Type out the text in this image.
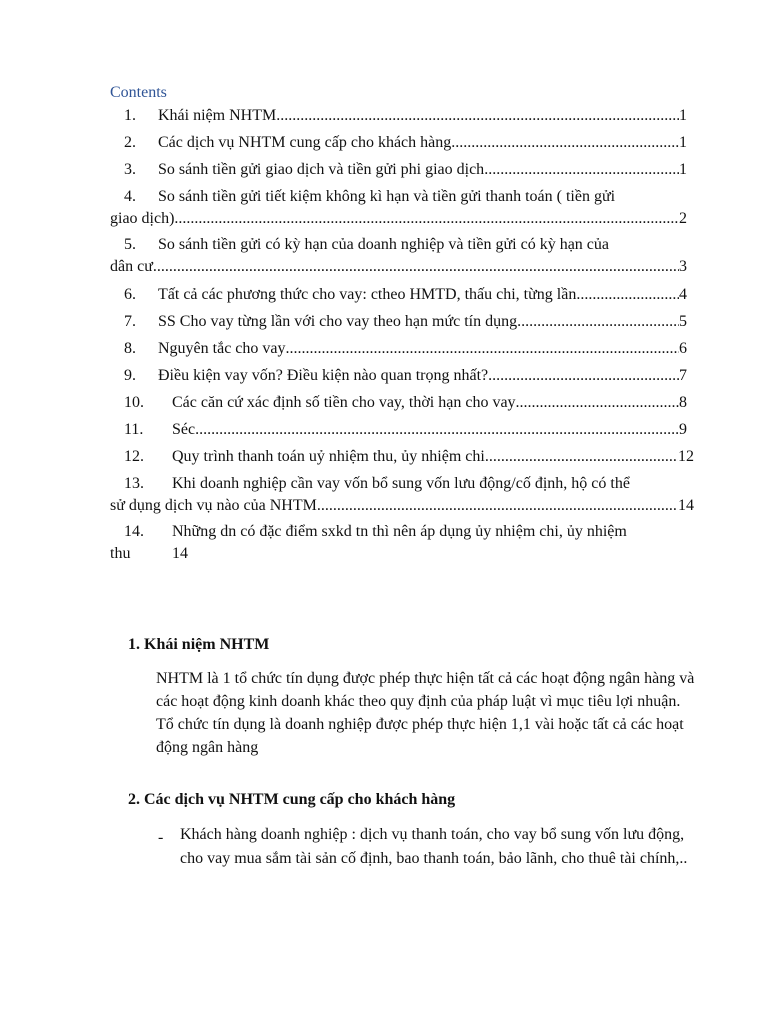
Contents
1.	Khái niệm NHTM .....	1
2.	Các dịch vụ NHTM cung cấp cho khách hàng .....	1
3.	So sánh tiền gửi giao dịch và tiền gửi phi giao dịch .....	1
4.	So sánh tiền gửi tiết kiệm không kì hạn và tiền gửi thanh toán ( tiền gửi
giao dịch) .....	2
5.	So sánh tiền gửi có kỳ hạn của doanh nghiệp và tiền gửi có kỳ hạn của
dân cư .....	3
6.	Tất cả các phương thức cho vay: ctheo HMTD, thấu chi, từng lần .....	4
7.	SS Cho vay từng lần với cho vay theo hạn mức tín dụng .....	5
8.	Nguyên tắc cho vay .....	6
9.	Điều kiện vay vốn? Điều kiện nào quan trọng nhất? .....	7
10.	Các căn cứ xác định số tiền cho vay, thời hạn cho vay .....	8
11.	Séc .....	9
12.	Quy trình thanh toán uỷ nhiệm thu, ủy nhiệm chi .....	12
13.	Khi doanh nghiệp cần vay vốn bổ sung vốn lưu động/cố định, hộ có thể
sử dụng dịch vụ nào của NHTM .....	14
14.	Những dn có đặc điểm sxkd tn thì nên áp dụng ủy nhiệm chi, ủy nhiệm
thu	14
1. Khái niệm NHTM

NHTM là 1 tổ chức tín dụng được phép thực hiện tất cả các hoạt động ngân hàng và các hoạt động kinh doanh khác theo quy định của pháp luật vì mục tiêu lợi nhuận.

Tổ chức tín dụng là doanh nghiệp được phép thực hiện 1,1 vài hoặc tất cả các hoạt động ngân hàng

2. Các dịch vụ NHTM cung cấp cho khách hàng
- Khách hàng doanh nghiệp : dịch vụ thanh toán, cho vay bổ sung vốn lưu động, cho vay mua sắm tài sản cố định, bao thanh toán, bảo lãnh, cho thuê tài chính,..
